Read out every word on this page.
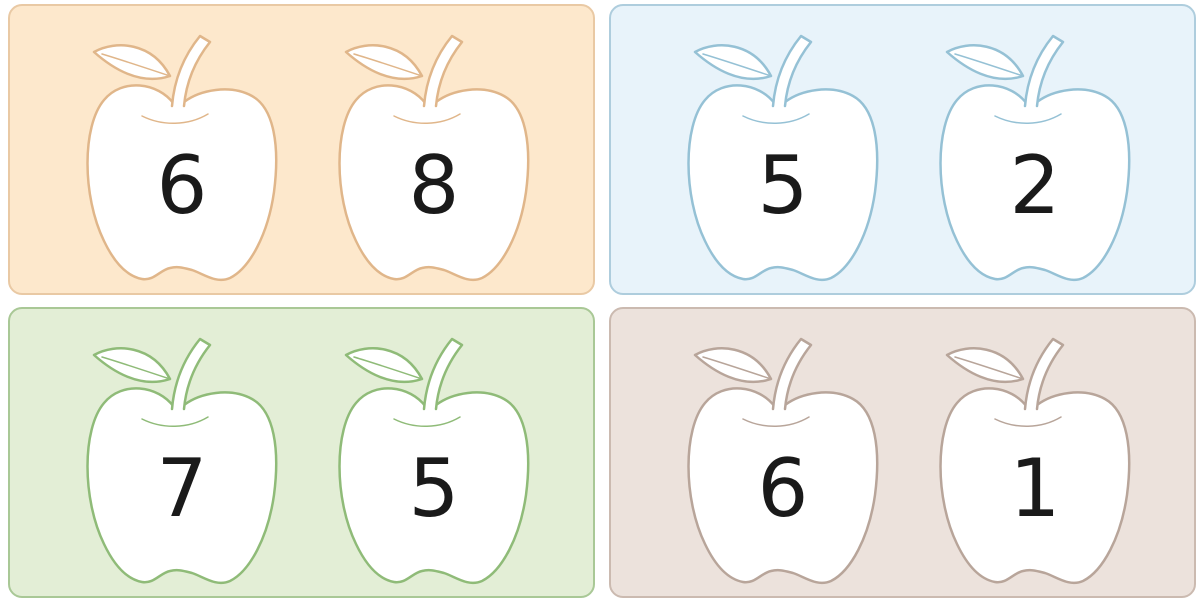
6	8	5	2
7	5	6	1
